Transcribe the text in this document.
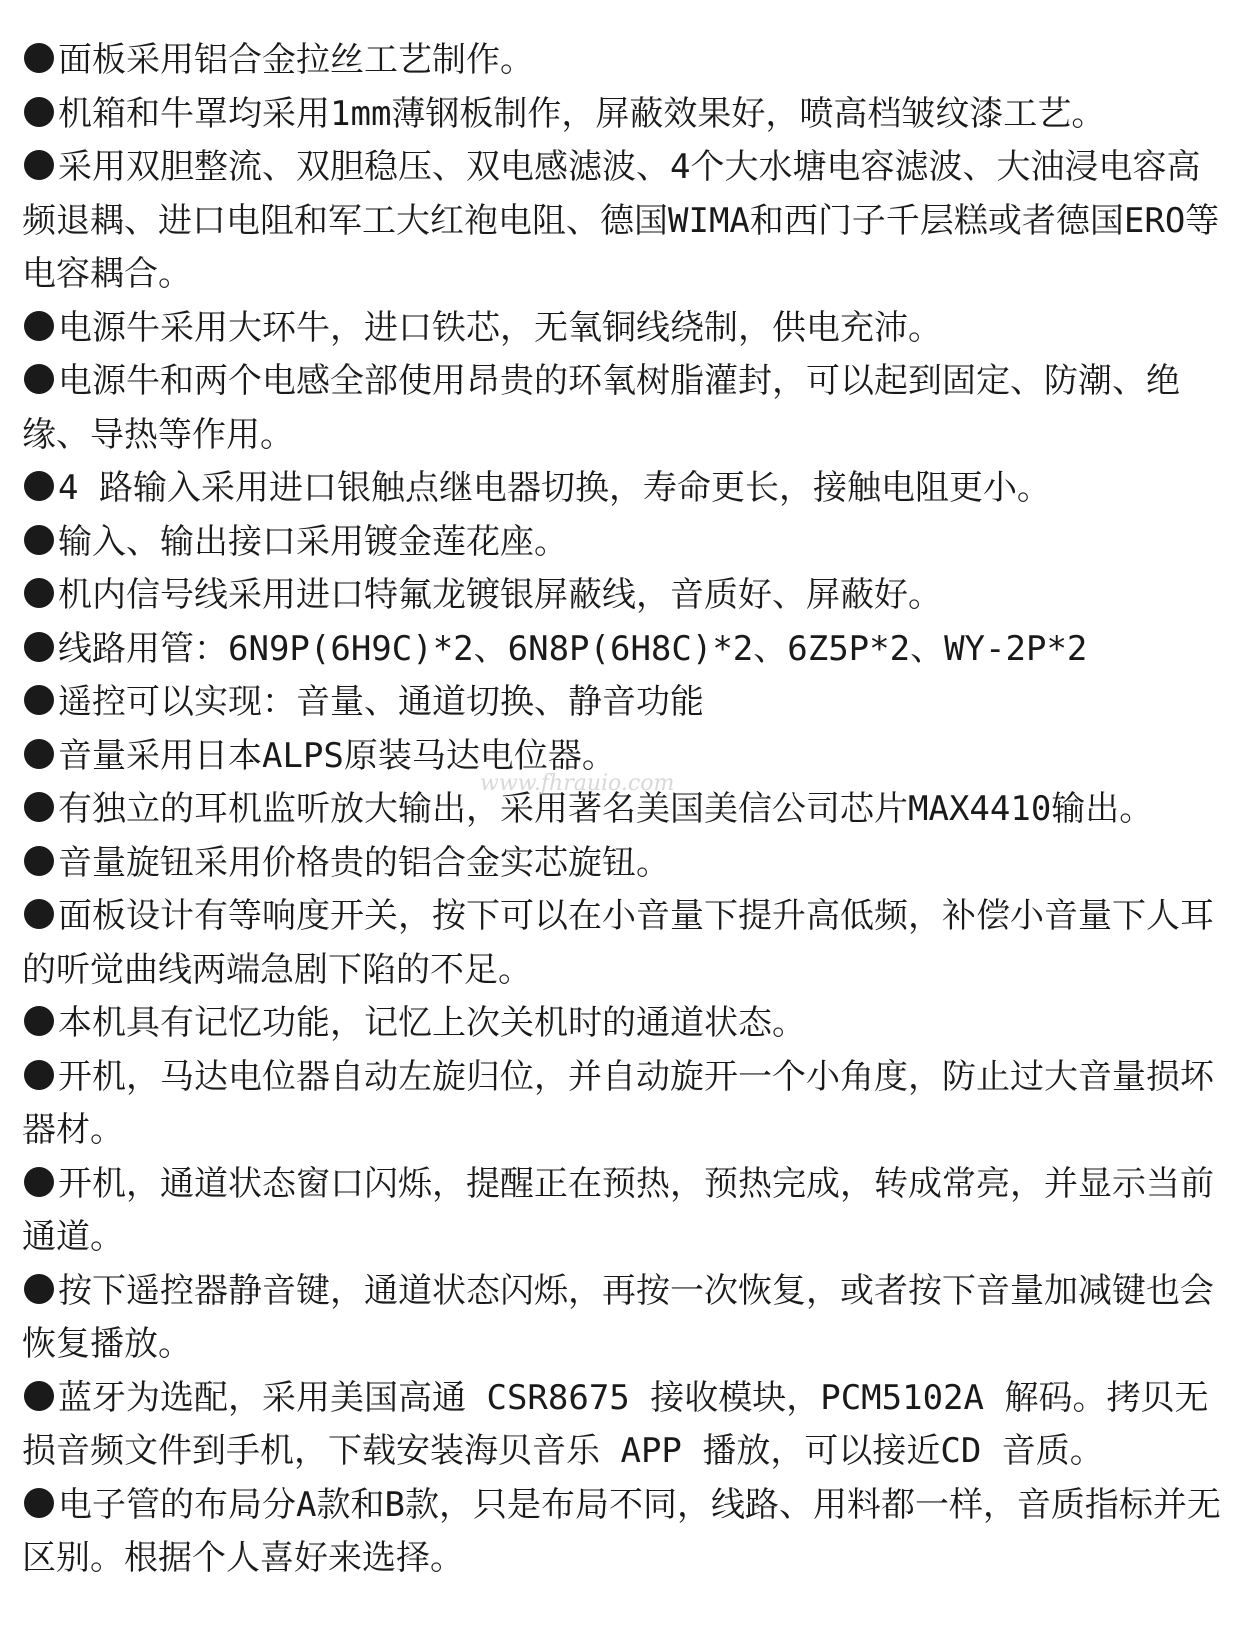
面板采用铝合金拉丝工艺制作。

机箱和牛罩均采用1mm薄钢板制作，屏蔽效果好，喷高档皱纹漆工艺。

采用双胆整流、双胆稳压、双电感滤波、4个大水塘电容滤波、大油浸电容高频退耦、进口电阻和军工大红袍电阻、德国WIMA和西门子千层糕或者德国ERO等电容耦合。

电源牛采用大环牛，进口铁芯，无氧铜线绕制，供电充沛。

电源牛和两个电感全部使用昂贵的环氧树脂灌封，可以起到固定、防潮、绝缘、导热等作用。

4 路输入采用进口银触点继电器切换，寿命更长，接触电阻更小。

输入、输出接口采用镀金莲花座。

机内信号线采用进口特氟龙镀银屏蔽线，音质好、屏蔽好。

线路用管：6N9P(6H9C)*2、6N8P(6H8C)*2、6Z5P*2、WY-2P*2

遥控可以实现：音量、通道切换、静音功能

音量采用日本ALPS原装马达电位器。

有独立的耳机监听放大输出，采用著名美国美信公司芯片MAX4410输出。

音量旋钮采用价格贵的铝合金实芯旋钮。

面板设计有等响度开关，按下可以在小音量下提升高低频，补偿小音量下人耳的听觉曲线两端急剧下陷的不足。

本机具有记忆功能，记忆上次关机时的通道状态。

开机，马达电位器自动左旋归位，并自动旋开一个小角度，防止过大音量损坏器材。

开机，通道状态窗口闪烁，提醒正在预热，预热完成，转成常亮，并显示当前通道。

按下遥控器静音键，通道状态闪烁，再按一次恢复，或者按下音量加减键也会恢复播放。

蓝牙为选配，采用美国高通 CSR8675 接收模块，PCM5102A 解码。拷贝无损音频文件到手机，下载安装海贝音乐 APP 播放，可以接近CD 音质。

电子管的布局分A款和B款，只是布局不同，线路、用料都一样，音质指标并无区别。根据个人喜好来选择。

www.fhrauio.com
